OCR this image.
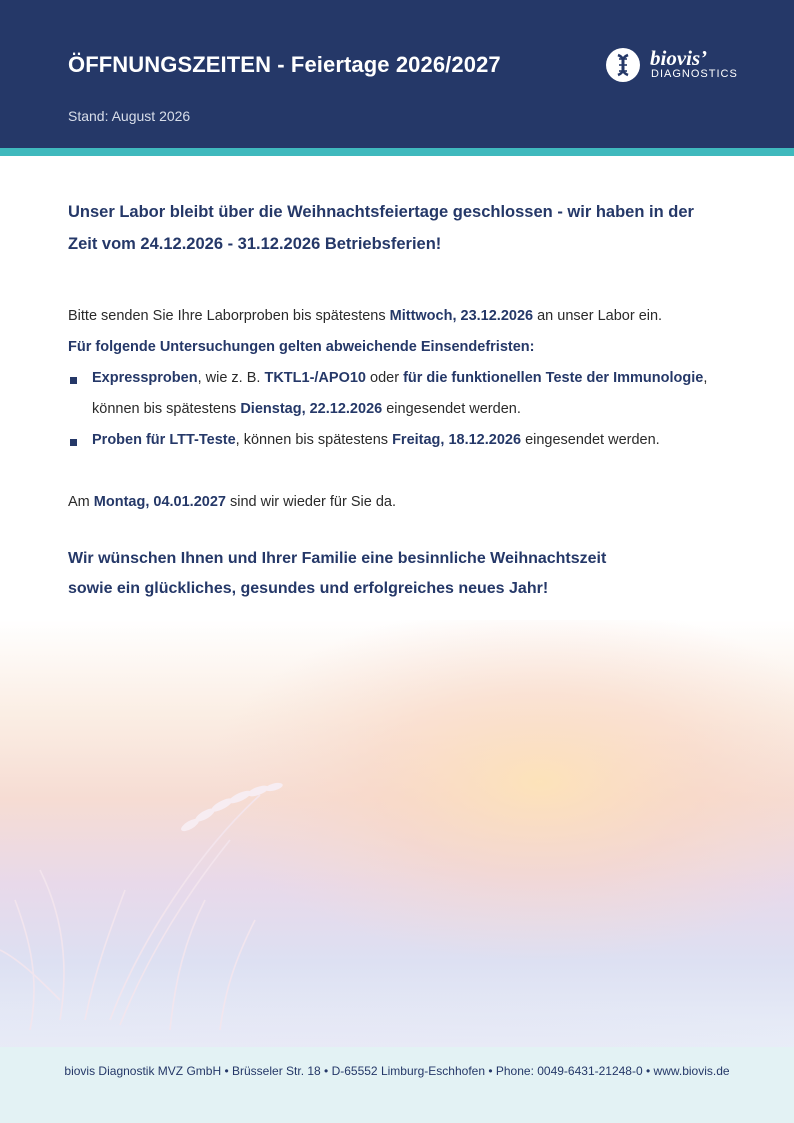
ÖFFNUNGSZEITEN - Feiertage 2026/2027
Stand: August 2026
biovis’
DIAGNOSTICS

Unser Labor bleibt über die Weihnachtsfeiertage geschlossen - wir haben in der
Zeit vom 24.12.2026 - 31.12.2026 Betriebsferien!

Bitte senden Sie Ihre Laborproben bis spätestens Mittwoch, 23.12.2026 an unser Labor ein.

Für folgende Untersuchungen gelten abweichende Einsendefristen:

Expressproben, wie z. B. TKTL1-/APO10 oder für die funktionellen Teste der Immunologie,
können bis spätestens Dienstag, 22.12.2026 eingesendet werden.
Proben für LTT-Teste, können bis spätestens Freitag, 18.12.2026 eingesendet werden.

Am Montag, 04.01.2027 sind wir wieder für Sie da.

Wir wünschen Ihnen und Ihrer Familie eine besinnliche Weihnachtszeit
sowie ein glückliches, gesundes und erfolgreiches neues Jahr!

biovis Diagnostik MVZ GmbH • Brüsseler Str. 18 • D-65552 Limburg-Eschhofen • Phone: 0049-6431-21248-0 • www.biovis.de
